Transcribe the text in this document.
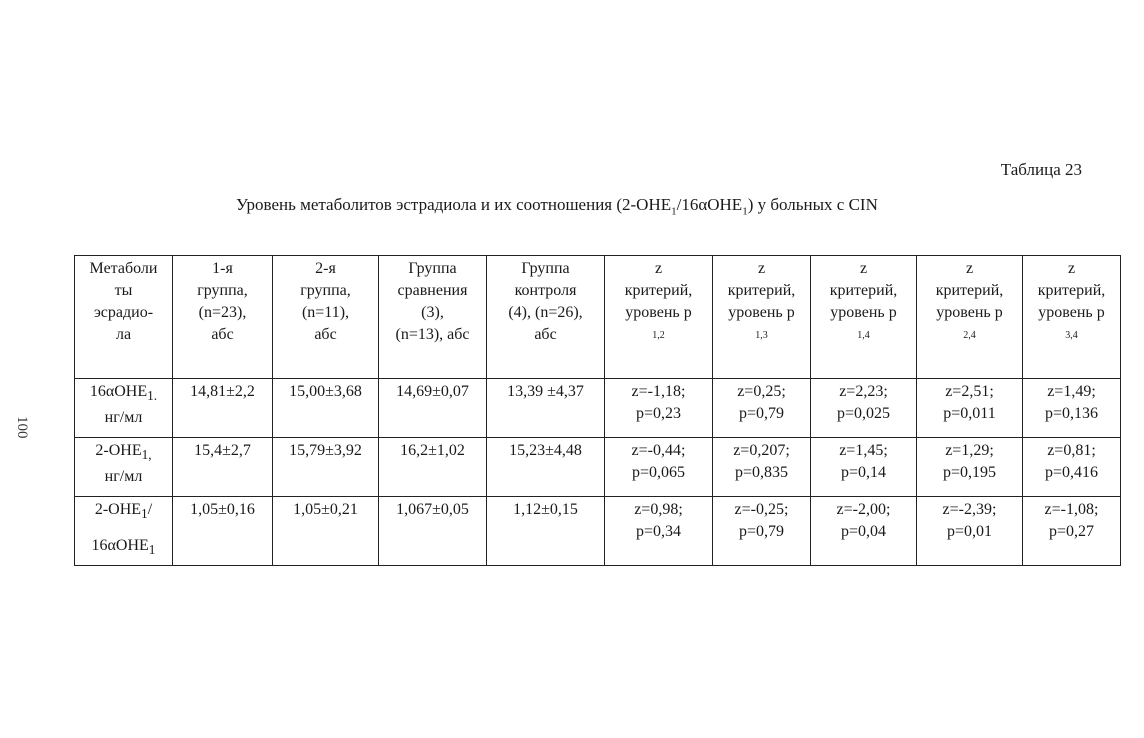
100
Таблица 23
Уровень метаболитов эстрадиола и их соотношения $(2-ОНЕ_1/16\alpha ОНЕ_1)$ у больных с CIN
Метаболи
ты
эсрадио-
ла	1-я
группа,
(n=23),
абс	2-я
группа,
(n=11),
абс	Группа
сравнения
(3),
(n=13), абс	Группа
контроля
(4), (n=26),
абс	z
критерий,
уровень р
1,2	z
критерий,
уровень р
1,3	z
критерий,
уровень р
1,4	z
критерий,
уровень р
2,4	z
критерий,
уровень р
3,4

16αОНЕ$_{1.}$
нг/мл	14,81±2,2	15,00±3,68	14,69±0,07	13,39 ±4,37	z=-1,18;
p=0,23	z=0,25;
p=0,79	z=2,23;
p=0,025	z=2,51;
p=0,011	z=1,49;
p=0,136

$2-ОНЕ_{1,}$
нг/мл	15,4±2,7	15,79±3,92	16,2±1,02	15,23±4,48	z=-0,44;
p=0,065	z=0,207;
p=0,835	z=1,45;
p=0,14	z=1,29;
p=0,195	z=0,81;
p=0,416

$2-ОНЕ_1/$
16αОНЕ$_1$	1,05±0,16	1,05±0,21	1,067±0,05	1,12±0,15	z=0,98;
p=0,34	z=-0,25;
p=0,79	z=-2,00;
p=0,04	z=-2,39;
p=0,01	z=-1,08;
p=0,27
